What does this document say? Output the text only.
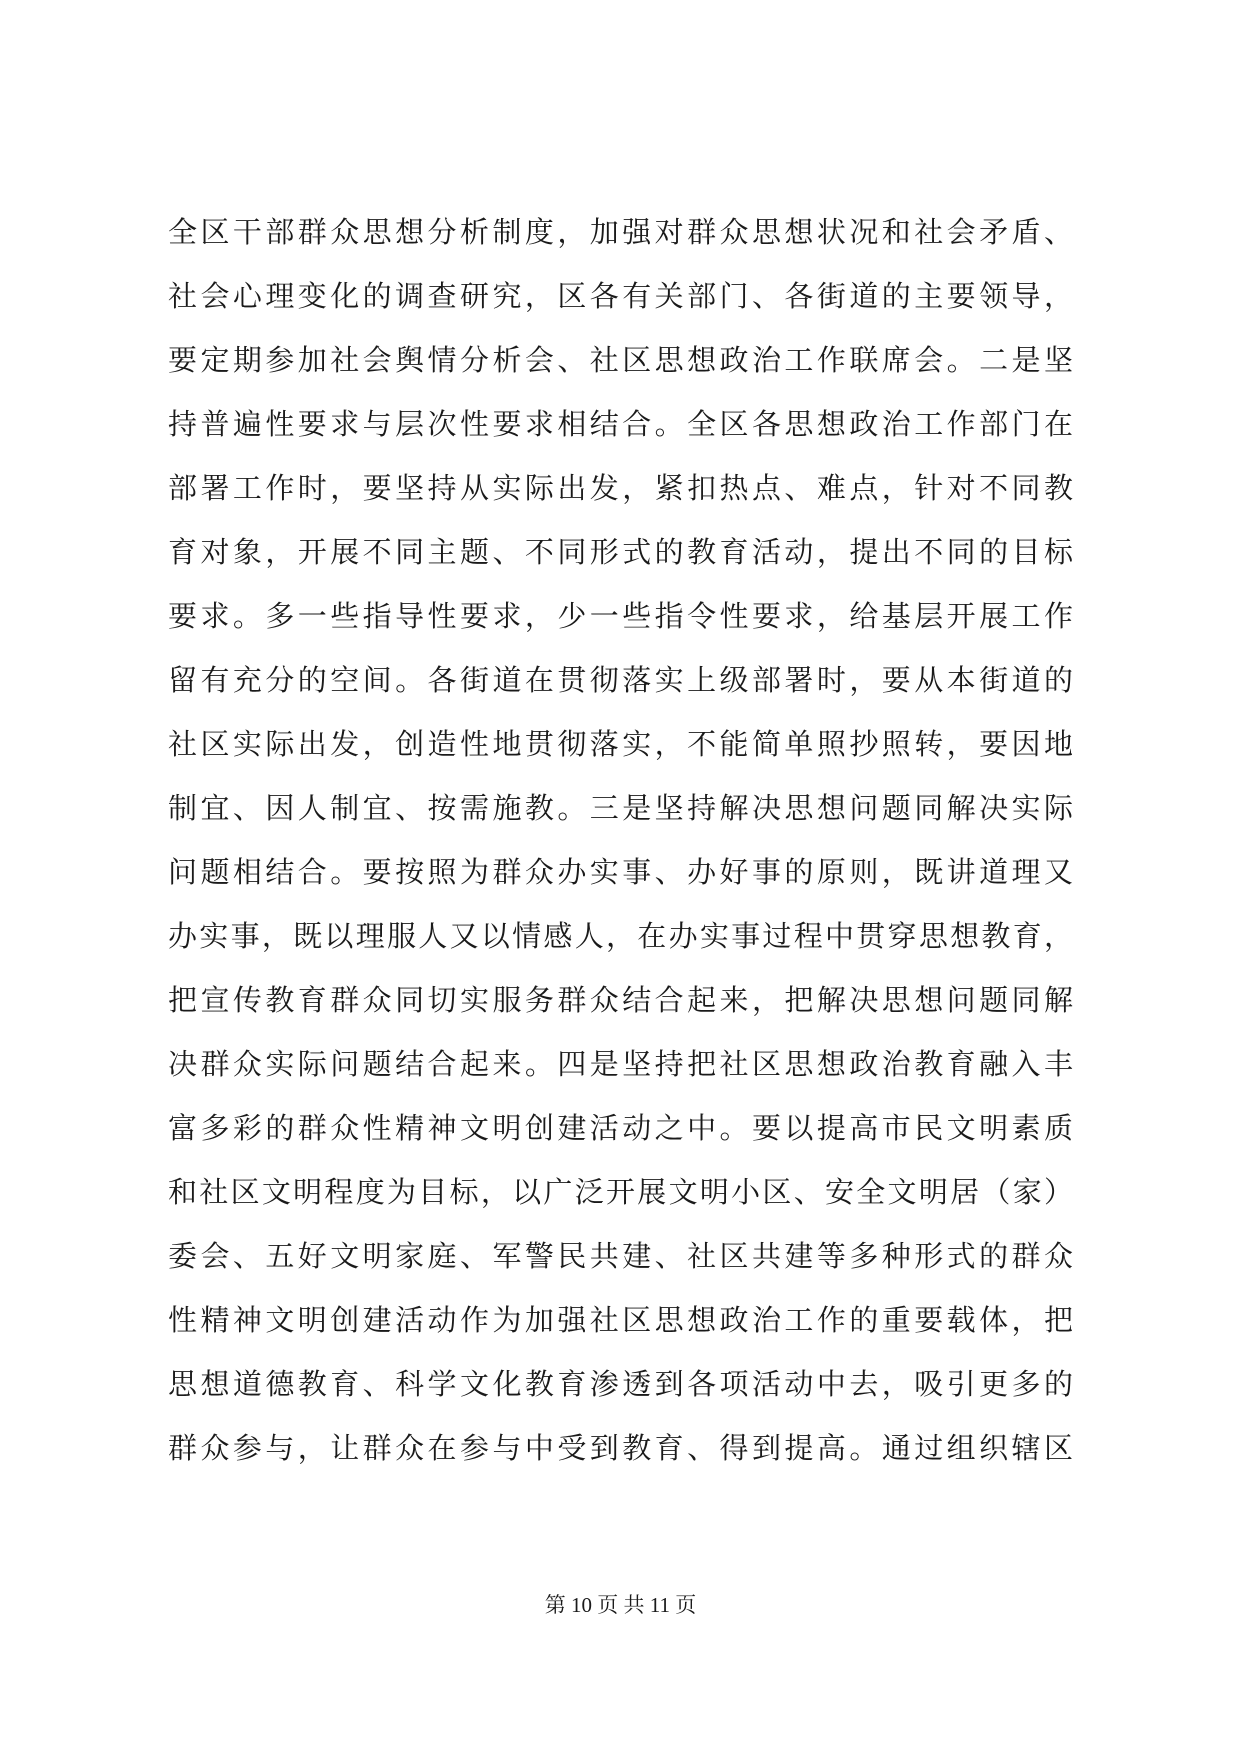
全区干部群众思想分析制度，加强对群众思想状况和社会矛盾、
社会心理变化的调查研究，区各有关部门、各街道的主要领导，
要定期参加社会舆情分析会、社区思想政治工作联席会。二是坚
持普遍性要求与层次性要求相结合。全区各思想政治工作部门在
部署工作时，要坚持从实际出发，紧扣热点、难点，针对不同教
育对象，开展不同主题、不同形式的教育活动，提出不同的目标
要求。多一些指导性要求，少一些指令性要求，给基层开展工作
留有充分的空间。各街道在贯彻落实上级部署时，要从本街道的
社区实际出发，创造性地贯彻落实，不能简单照抄照转，要因地
制宜、因人制宜、按需施教。三是坚持解决思想问题同解决实际
问题相结合。要按照为群众办实事、办好事的原则，既讲道理又
办实事，既以理服人又以情感人，在办实事过程中贯穿思想教育，
把宣传教育群众同切实服务群众结合起来，把解决思想问题同解
决群众实际问题结合起来。四是坚持把社区思想政治教育融入丰
富多彩的群众性精神文明创建活动之中。要以提高市民文明素质
和社区文明程度为目标，以广泛开展文明小区、安全文明居（家）
委会、五好文明家庭、军警民共建、社区共建等多种形式的群众
性精神文明创建活动作为加强社区思想政治工作的重要载体，把
思想道德教育、科学文化教育渗透到各项活动中去，吸引更多的
群众参与，让群众在参与中受到教育、得到提高。通过组织辖区
第 10 页 共 11 页
